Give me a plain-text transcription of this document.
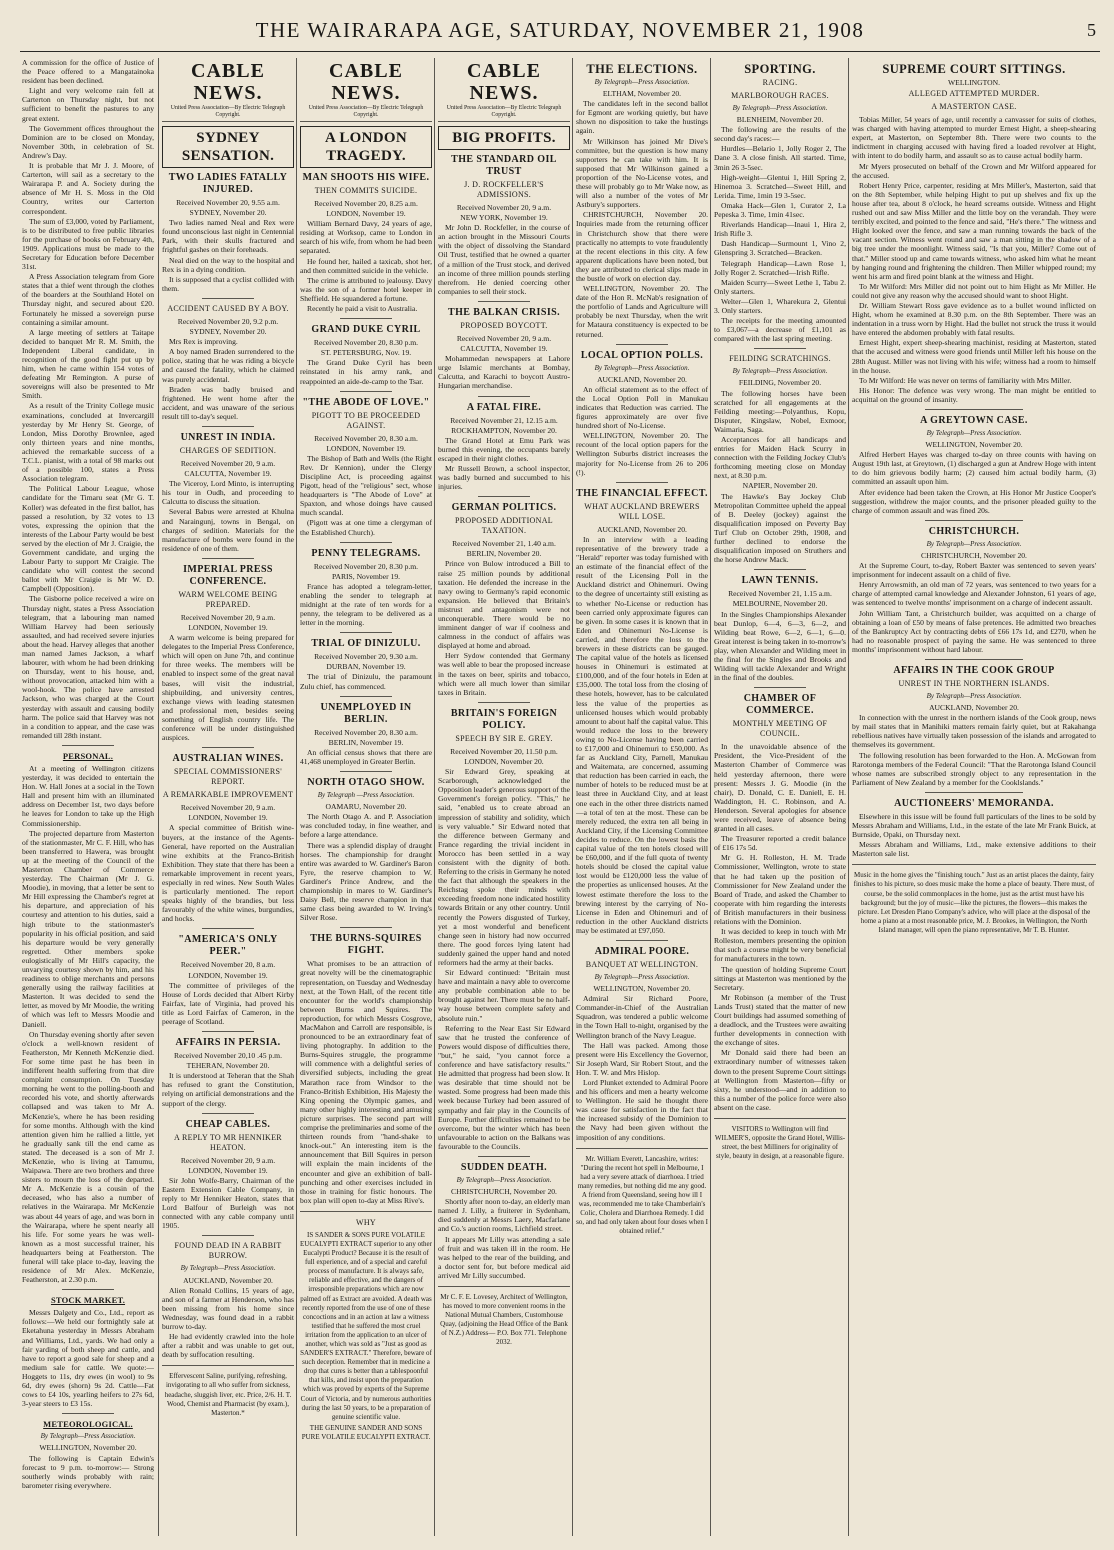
THE WAIRARAPA AGE, SATURDAY, NOVEMBER 21, 1908	5

A commission for the office of Justice of the Peace offered to a Mangatainoka resident has been declined.

Light and very welcome rain fell at Carterton on Thursday night, but not sufficient to benefit the pastures to any great extent.

The Government offices throughout the Dominion are to be closed on Monday, November 30th, in celebration of St. Andrew's Day.

It is probable that Mr J. J. Moore, of Carterton, will sail as a secretary to the Wairarapa P. and A. Society during the absence of Mr H. S. Moss in the Old Country, writes our Carterton correspondent.

The sum of £3,000, voted by Parliament, is to be distributed to free public libraries for the purchase of books on February 4th, 1909. Applications must be made to the Secretary for Education before December 31st.

A Press Association telegram from Gore states that a thief went through the clothes of the boarders at the Southland Hotel on Thursday night, and secured about £20. Fortunately he missed a sovereign purse containing a similar amount.

A large meeting of settlers at Taitape decided to banquet Mr R. M. Smith, the Independent Liberal candidate, in recognition of the good fight put up by him, when he came within 154 votes of defeating Mr Remington. A purse of sovereigns will also be presented to Mr Smith.

As a result of the Trinity College music examinations, concluded at Invercargill yesterday by Mr Henry St. George, of London, Miss Dorothy Brownlee, aged only thirteen years and nine months, achieved the remarkable success of a T.C.L. pianist, with a total of 98 marks out of a possible 100, states a Press Association telegram.

The Political Labour League, whose candidate for the Timaru seat (Mr G. T. Koller) was defeated in the first ballot, has passed a resolution, by 32 votes to 13 votes, expressing the opinion that the interests of the Labour Party would be best served by the election of Mr J. Craigie, the Government candidate, and urging the Labour Party to support Mr Craigie. The candidate who will contest the second ballot with Mr Craigie is Mr W. D. Campbell (Opposition).

The Gisborne police received a wire on Thursday night, states a Press Association telegram, that a labouring man named William Harvey had been seriously assaulted, and had received severe injuries about the head. Harvey alleges that another man named James Jackson, a wharf labourer, with whom he had been drinking on Thursday, went to his house, and, without provocation, attacked him with a wool-hook. The police have arrested Jackson, who was charged at the Court yesterday with assault and causing bodily harm. The police said that Harvey was not in a condition to appear, and the case was remanded till 28th instant.

PERSONAL.

At a meeting of Wellington citizens yesterday, it was decided to entertain the Hon. W. Hall Jones at a social in the Town Hall and present him with an illuminated address on December 1st, two days before he leaves for London to take up the High Commissionership.

The projected departure from Masterton of the stationmaster, Mr C. F. Hill, who has been transferred to Hawera, was brought up at the meeting of the Council of the Masterton Chamber of Commerce yesterday. The Chairman (Mr J. G. Moodie), in moving, that a letter be sent to Mr Hill expressing the Chamber's regret at his departure, and appreciation of his courtesy and attention to his duties, said a high tribute to the stationmaster's popularity in his official position, and said his departure would be very generally regretted. Other members spoke eulogistically of Mr Hill's capacity, the unvarying courtesy shown by him, and his readiness to oblige merchants and persons generally using the railway facilities at Masterton. It was decided to send the letter, as moved by Mr Moodie, the writing of which was left to Messrs Moodie and Daniell.

On Thursday evening shortly after seven o'clock a well-known resident of Featherston, Mr Kenneth McKenzie died. For some time past he has been in indifferent health suffering from that dire complaint consumption. On Tuesday morning he went to the polling-booth and recorded his vote, and shortly afterwards collapsed and was taken to Mr A. McKenzie's, where he has been residing for some months. Although with the kind attention given him he rallied a little, yet he gradually sank till the end came as stated. The deceased is a son of Mr J. McKenzie, who is living at Tamumu, Waipawa. There are two brothers and three sisters to mourn the loss of the departed. Mr A. McKenzie is a cousin of the deceased, who has also a number of relatives in the Wairarapa. Mr McKenzie was about 44 years of age, and was born in the Wairarapa, where he spent nearly all his life. For some years he was well-known as a most successful trainer, his headquarters being at Featherston. The funeral will take place to-day, leaving the residence of Mr Alex. McKenzie, Featherston, at 2.30 p.m.

STOCK MARKET.

Messrs Dalgety and Co., Ltd., report as follows:—We held our fortnightly sale at Eketahuna yesterday in Messrs Abraham and Williams, Ltd., yards. We had only a fair yarding of both sheep and cattle, and have to report a good sale for sheep and a medium sale for cattle. We quote:—Hoggets to 11s, dry ewes (in wool) to 9s 6d, dry ewes (shorn) 9s 2d. Cattle—Fat cows to £4 10s, yearling heifers to 27s 6d, 3-year steers to £3 15s.

METEOROLOGICAL.

By Telegraph—Press Association.

WELLINGTON, November 20.

The following is Captain Edwin's forecast to 9 p.m. to-morrow:— Strong southerly winds probably with rain; barometer rising everywhere.

CABLE NEWS.
United Press Association—By Electric Telegraph Copyright.
SYDNEY SENSATION.
TWO LADIES FATALLY INJURED.

Received November 20, 9.55 a.m.

SYDNEY, November 20.

Two ladies named Neal and Rex were found unconscious last night in Centennial Park, with their skulls fractured and frightful gashes on their foreheads.

Neal died on the way to the hospital and Rex is in a dying condition.

It is supposed that a cyclist collided with them.

ACCIDENT CAUSED BY A BOY.

Received November 20, 9.2 p.m.

SYDNEY, November 20.

Mrs Rex is improving.

A boy named Braden surrendered to the police, stating that he was riding a bicycle and caused the fatality, which he claimed was purely accidental.

Braden was badly bruised and frightened. He went home after the accident, and was unaware of the serious result till to-day's sequel.

UNREST IN INDIA.
CHARGES OF SEDITION.

Received November 20, 9 a.m.

CALCUTTA, November 19.

The Viceroy, Lord Minto, is interrupting his tour in Oudh, and proceeding to Calcutta to discuss the situation.

Several Babus were arrested at Khulna and Naraingunj, towns in Bengal, on charges of sedition. Materials for the manufacture of bombs were found in the residence of one of them.

IMPERIAL PRESS CONFERENCE.
WARM WELCOME BEING PREPARED.

Received November 20, 9 a.m.

LONDON, November 19.

A warm welcome is being prepared for delegates to the Imperial Press Conference, which will open on June 7th, and continue for three weeks. The members will be enabled to inspect some of the great naval bases, will visit the industrial, shipbuilding, and university centres, exchange views with leading statesmen and professional men, besides seeing something of English country life. The conference will be under distinguished auspices.

AUSTRALIAN WINES.
SPECIAL COMMISSIONERS' REPORT.
A REMARKABLE IMPROVEMENT

Received November 20, 9 a.m.

LONDON, November 19.

A special committee of British wine-buyers, at the instance of the Agents-General, have reported on the Australian wine exhibits at the Franco-British Exhibition. They state that there has been a remarkable improvement in recent years, especially in red wines. New South Wales is particularly mentioned. The report speaks highly of the brandies, but less favourably of the white wines, burgundies, and hocks.

"AMERICA'S ONLY PEER."

Received November 20, 8 a.m.

LONDON, November 19.

The committee of privileges of the House of Lords decided that Albert Kirby Fairfax, late of Virginia, had proved his title as Lord Fairfax of Cameron, in the peerage of Scotland.

AFFAIRS IN PERSIA.

Received November 20,10 .45 p.m.

TEHERAN, November 20.

It is understood at Teheran that the Shah has refused to grant the Constitution, relying on artificial demonstrations and the support of the clergy.

CHEAP CABLES.
A REPLY TO MR HENNIKER HEATON.

Received November 20, 9 a.m.

LONDON, November 19.

Sir John Wolfe-Barry, Chairman of the Eastern Extension Cable Company, in reply to Mr Henniker Heaton, states that Lord Balfour of Burleigh was not connected with any cable company until 1905.

FOUND DEAD IN A RABBIT BURROW.

By Telegraph—Press Association.

AUCKLAND, November 20.

Alien Ronald Collins, 15 years of age, and son of a farmer at Henderson, who has been missing from his home since Wednesday, was found dead in a rabbit burrow to-day.

He had evidently crawled into the hole after a rabbit and was unable to get out, death by suffocation resulting.

Effervescent Saline, purifying, refreshing, invigorating to all who suffer from sickness, headache, sluggish liver, etc. Price, 2/6. H. T. Wood, Chemist and Pharmacist (by exam.), Masterton.*

CABLE NEWS.
United Press Association—By Electric Telegraph Copyright.
A LONDON TRAGEDY.
MAN SHOOTS HIS WIFE.
THEN COMMITS SUICIDE.

Received November 20, 8.25 a.m.

LONDON, November 19.

William Bernard Davy, 24 years of age, residing at Worksop, came to London in search of his wife, from whom he had been separated.

He found her, hailed a taxicab, shot her, and then committed suicide in the vehicle.

The crime is attributed to jealousy. Davy was the son of a former hotel keeper in Sheffield. He squandered a fortune.

Recently he paid a visit to Australia.

GRAND DUKE CYRIL

Received November 20, 8.30 p.m.

ST. PETERSBURG, Nov. 19.

The Grand Duke Cyril has been reinstated in his army rank, and reappointed an aide-de-camp to the Tsar.

"THE ABODE OF LOVE."
PIGOTT TO BE PROCEEDED AGAINST.

Received November 20, 8.30 a.m.

LONDON, November 19.

The Bishop of Bath and Wells (the Right Rev. Dr Kennion), under the Clergy Discipline Act, is proceeding against Pigott, head of the "religious" sect, whose headquarters is "The Abode of Love" at Spaxton, and whose doings have caused much scandal.

(Pigott was at one time a clergyman of the Established Church).

PENNY TELEGRAMS.

Received November 20, 8.30 p.m.

PARIS, November 19.

France has adopted a telegram-letter, enabling the sender to telegraph at midnight at the rate of ten words for a penny, the telegram to be delivered as a letter in the morning.

TRIAL OF DINIZULU.

Received November 20, 9.30 a.m.

DURBAN, November 19.

The trial of Dinizulu, the paramount Zulu chief, has commenced.

UNEMPLOYED IN BERLIN.

Received November 20, 8.30 a.m.

BERLIN, November 19.

An official census shows that there are 41,468 unemployed in Greater Berlin.

NORTH OTAGO SHOW.

By Telegraph —Press Association.

OAMARU, November 20.

The North Otago A. and P. Association was concluded today, in fine weather, and before a large attendance.

There was a splendid display of draught horses. The championship for draught entire was awarded to W. Gardiner's Baron Fyre, the reserve champion to W. Gardiner's Prince Andrew, and the championship in mares to W. Gardiner's Daisy Bell, the reserve champion in that same class being awarded to W. Irving's Silver Rose.

THE BURNS-SQUIRES FIGHT.

What promises to be an attraction of great novelty will be the cinematographic representation, on Tuesday and Wednesday next, at the Town Hall, of the recent title encounter for the world's championship between Burns and Squires. The reproduction, for which Messrs Cosgrove, MacMahon and Carroll are responsible, is pronounced to be an extraordinary feat of living photography. In addition to the Burns-Squires struggle, the programme will commence with a delightful series of diversified subjects, including the great Marathon race from Windsor to the Franco-British Exhibition, His Majesty the King opening the Olympic games, and many other highly interesting and amusing picture surprises. The second part will comprise the preliminaries and some of the thirteen rounds from "hand-shake to knock-out." An interesting item is the announcement that Bill Squires in person will explain the main incidents of the encounter and give an exhibition of ball-punching and other exercises included in those in training for fistic honours. The box plan will open to-day at Miss Rive's.

WHY

IS SANDER & SONS PURE VOLATILE EUCALYPTI EXTRACT superior to any other Eucalypti Product? Because it is the result of full experience, and of a special and careful process of manufacture. It is always safe, reliable and effective, and the dangers of irresponsible preparations which are now palmed off as Extract are avoided. A death was recently reported from the use of one of these concoctions and in an action at law a witness testified that he suffered the most cruel irritation from the application to an ulcer of another, which was sold as "Just as good as SANDER'S EXTRACT." Therefore, beware of such deception. Remember that in medicine a drop that cures is better than a tablespoonful that kills, and insist upon the preparation which was proved by experts of the Supreme Court of Victoria, and by numerous authorities during the last 50 years, to be a preparation of genuine scientific value.

THE GENUINE SANDER AND SONS PURE VOLATILE EUCALYPTI EXTRACT.

CABLE NEWS.
United Press Association—By Electric Telegraph Copyright.
BIG PROFITS.
THE STANDARD OIL TRUST
J. D. ROCKFELLER'S ADMISSIONS.

Received November 20, 9 a.m.

NEW YORK, November 19.

Mr John D. Rockfeller, in the course of an action brought in the Missouri Courts with the object of dissolving the Standard Oil Trust, testified that he owned a quarter of a million of the Trust stock, and derived an income of three million pounds sterling therefrom. He denied coercing other companies to sell their stock.

THE BALKAN CRISIS.
PROPOSED BOYCOTT.

Received November 20, 9 a.m.

CALCUTTA, November 19.

Mohammedan newspapers at Lahore urge Islamic merchants at Bombay, Calcutta, and Karachi to boycott Austro-Hungarian merchandise.

A FATAL FIRE.

Received November 21, 12.15 a.m.

ROCKHAMPTON, November 20.

The Grand Hotel at Emu Park was burned this evening, the occupants barely escaped in their night clothes.

Mr Russell Brown, a school inspector, was badly burned and succumbed to his injuries.

GERMAN POLITICS.
PROPOSED ADDITIONAL TAXATION.

Received November 21, 1.40 a.m.

BERLIN, November 20.

Prince von Bulow introduced a Bill to raise 25 million pounds by additional taxation. He defended the increase in the navy owing to Germany's rapid economic expansion. He believed that Britain's mistrust and antagonism were not unconquerable. There would be no imminent danger of war if coolness and calmness in the conduct of affairs was displayed at home and abroad.

Herr Sydow contended that Germany was well able to bear the proposed increase in the taxes on beer, spirits and tobacco, which were all much lower than similar taxes in Britain.

BRITAIN'S FOREIGN POLICY.
SPEECH BY SIR E. GREY.

Received November 20, 11.50 p.m.

LONDON, November 20.

Sir Edward Grey, speaking at Scarborough, acknowledged the Opposition leader's generous support of the Government's foreign policy. "This," he said, "enabled us to create abroad an impression of stability and solidity, which is very valuable." Sir Edward noted that the difference between Germany and France regarding the trivial incident in Morocco has been settled in a way consistent with the dignity of both. Referring to the crisis in Germany he noted the fact that although the speakers in the Reichstag spoke their minds with exceeding freedom none indicated hostility towards Britain or any other country. Until recently the Powers disgusted of Turkey, yet a most wonderful and beneficent change seen in history had now occurred there. The good forces lying latent had suddenly gained the upper hand and noted reformers had the army at their backs.

Sir Edward continued: "Britain must have and maintain a navy able to overcome any probable combination able to be brought against her. There must be no half-way house between complete safety and absolute ruin."

Referring to the Near East Sir Edward saw that he trusted the conference of Powers would dispose of difficulties there, "but," he said, "you cannot force a conference and have satisfactory results." He admitted that progress had been slow. It was desirable that time should not be wasted. Some progress had been made this week because Turkey had been assured of sympathy and fair play in the Councils of Europe. Further difficulties remained to be overcome, but the winter which has been unfavourable to action on the Balkans was favourable to the Councils.

SUDDEN DEATH.

By Telegraph—Press Association.

CHRISTCHURCH, November 20.

Shortly after noon to-day, an elderly man named J. Lilly, a fruiterer in Sydenham, died suddenly at Messrs Laery, Macfarlane and Co.'s auction rooms, Lichfield street.

It appears Mr Lilly was attending a sale of fruit and was taken ill in the room. He was helped to the rear of the building, and a doctor sent for, but before medical aid arrived Mr Lilly succumbed.

Mr C. F. E. Lovesey, Architect of Wellington, has moved to more convenient rooms in the National Mutual Chambers, Customhouse Quay, (adjoining the Head Office of the Bank of N.Z.) Address— P.O. Box 771. Telephone 2032.

THE ELECTIONS.

By Telegraph—Press Association.

ELTHAM, November 20.

The candidates left in the second ballot for Egmont are working quietly, but have shown no disposition to take the hustings again.

Mr Wilkinson has joined Mr Dive's committee, but the question is how many supporters he can take with him. It is supposed that Mr Wilkinson gained a proportion of the No-License votes, and these will probably go to Mr Wake now, as will also a number of the votes of Mr Astbury's supporters.

CHRISTCHURCH, November 20. Inquiries made from the returning officer in Christchurch show that there were practically no attempts to vote fraudulently at the recent elections in this city. A few apparent duplications have been noted, but they are attributed to clerical slips made in the bustle of work on election day.

WELLINGTON, November 20. The date of the Hon R. McNab's resignation of the portfolio of Lands and Agriculture will probably be next Thursday, when the writ for Mataura constituency is expected to be returned.

LOCAL OPTION POLLS.

By Telegraph—Press Association.

AUCKLAND, November 20.

An official statement as to the effect of the Local Option Poll in Manukau indicates that Reduction was carried. The figures approximately are over five hundred short of No-License.

WELLINGTON, November 20. The recount of the local option papers for the Wellington Suburbs district increases the majority for No-License from 26 to 206 (!).

THE FINANCIAL EFFECT.
WHAT AUCKLAND BREWERS WILL LOSE.

AUCKLAND, November 20.

In an interview with a leading representative of the brewery trade a "Herald" reporter was today furnished with an estimate of the financial effect of the result of the Licensing Poll in the Auckland district and Ohinemuri. Owing to the degree of uncertainty still existing as to whether No-License or reduction has been carried only approximate figures can be given. In some cases it is known that in Eden and Ohinemuri No-License is carried, and therefore the loss to the brewers in these districts can be gauged. The capital value of the hotels as licensed houses in Ohinemuri is estimated at £100,000, and of the four hotels in Eden at £35,000. The total loss from the closing of these hotels, however, has to be calculated less the value of the properties as unlicensed houses which would probably amount to about half the capital value. This would reduce the loss to the brewery owing to No-License having been carried to £17,000 and Ohinemuri to £50,000. As far as Auckland City, Parnell, Manukau and Waitemata, are concerned, assuming that reduction has been carried in each, the number of hotels to be reduced must be at least three in Auckland City, and at least one each in the other three districts named—a total of ten at the most. These can be merely reduced, the extra ten all being in Auckland City, if the Licensing Committee decides to reduce. On the lowest basis the capital value of the ten hotels closed will be £60,000, and if the full quota of twenty hotels should be closed the capital value lost would be £120,000 less the value of the properties as unlicensed houses. At the lowest estimate therefore the loss to the brewing interest by the carrying of No-License in Eden and Ohinemuri and of reduction in the other Auckland districts may be estimated at £97,050.

ADMIRAL POORE.
BANQUET AT WELLINGTON.

By Telegraph—Press Association.

WELLINGTON, November 20.

Admiral Sir Richard Poore, Commander-in-Chief of the Australian Squadron, was tendered a public welcome in the Town Hall to-night, organised by the Wellington branch of the Navy League.

The Hall was packed. Among those present were His Excellency the Governor, Sir Joseph Ward, Sir Robert Stout, and the Hon. T. W. and Mrs Hislop.

Lord Plunket extended to Admiral Poore and his officers and men a hearty welcome to Wellington. He said he thought there was cause for satisfaction in the fact that the increased subsidy of the Dominion to the Navy had been given without the imposition of any conditions.

Mr. William Everett, Lancashire, writes: "During the recent hot spell in Melbourne, I had a very severe attack of diarrhoea. I tried many remedies, but nothing did me any good. A friend from Queensland, seeing how ill I was, recommended me to take Chamberlain's Colic, Cholera and Diarrhoea Remedy. I did so, and had only taken about four doses when I obtained relief."

SPORTING.
RACING.
MARLBOROUGH RACES.

By Telegraph—Press Association.

BLENHEIM, November 20.

The following are the results of the second day's races:—

Hurdles—Belario 1, Jolly Roger 2, The Dane 3. A close finish. All started. Time, 3min 26 3-5sec.

High-weight—Glentui 1, Hill Spring 2, Hinemoa 3. Scratched—Sweet Hill, and Lerida. Time, 1min 19 3-5sec.

Omaka Hack—Glen 1, Curator 2, La Pepeska 3. Time, 1min 41sec.

Riverlands Handicap—Inaui 1, Hira 2, Irish Rifle 3.

Dash Handicap—Surmount 1, Vino 2, Glenspring 3. Scratched—Bracken.

Telegraph Handicap—Lawn Rose 1, Jolly Roger 2. Scratched—Irish Rifle.

Maiden Scurry—Sweet Lethe 1, Tabu 2. Only starters.

Welter—Glen 1, Wharekura 2, Glentui 3. Only starters.

The receipts for the meeting amounted to £3,067—a decrease of £1,101 as compared with the last spring meeting.

FEILDING SCRATCHINGS.

By Telegraph—Press Association.

FEILDING, November 20.

The following horses have been scratched for all engagements at the Feilding meeting:—Polyanthus, Kopu, Disputer, Kingslaw, Nobel, Exmoor, Waimaria, Saga.

Acceptances for all handicaps and entries for Maiden Hack Scurry in connection with the Feilding Jockey Club's forthcoming meeting close on Monday next, at 8.30 p.m.

NAPIER, November 20.

The Hawke's Bay Jockey Club Metropolitan Committee upheld the appeal of B. Deeley (jockey) against the disqualification imposed on Peverty Bay Turf Club on October 29th, 1908, and further declined to endorse the disqualification imposed on Struthers and the horse Andrew Mack.

LAWN TENNIS.

Received November 21, 1.15 a.m.

MELBOURNE, November 20.

In the Singles Championships Alexander beat Dunlop, 6—4, 6—3, 6—2, and Wilding beat Rowe, 6—2, 6—1, 6—0. Great interest is being taken in to-morrow's play, when Alexander and Wilding meet in the final for the Singles and Brooks and Wilding will tackle Alexander and Wright in the final of the doubles.

CHAMBER OF COMMERCE.
MONTHLY MEETING OF COUNCIL.

In the unavoidable absence of the President, the Vice-President of the Masterton Chamber of Commerce was held yesterday afternoon, there were present: Messrs J. G. Moodie (in the chair), D. Donald, C. E. Daniell, E. H. Waddington, H. C. Robinson, and A. Henderson. Several apologies for absence were received, leave of absence being granted in all cases.

The Treasurer reported a credit balance of £16 17s 5d.

Mr G. H. Rolleston, H. M. Trade Commissioner, Wellington, wrote to state that he had taken up the position of Commissioner for New Zealand under the Board of Trade, and asked the Chamber to cooperate with him regarding the interests of British manufacturers in their business relations with the Dominion.

It was decided to keep in touch with Mr Rolleston, members presenting the opinion that such a course might be very beneficial for manufacturers in the town.

The question of holding Supreme Court sittings at Masterton was mentioned by the Secretary.

Mr Robinson (a member of the Trust Lands Trust) stated that the matter of new Court buildings had assumed something of a deadlock, and the Trustees were awaiting further developments in connection with the exchange of sites.

Mr Donald said there had been an extraordinary number of witnesses taken down to the present Supreme Court sittings at Wellington from Masterton—fifty or sixty, he understood—and in addition to this a number of the police force were also absent on the case.

VISITORS to Wellington will find WILMER'S, opposite the Grand Hotel, Willis-street, the best Milliners for originality of style, beauty in design, at a reasonable figure.

SUPREME COURT SITTINGS.

WELLINGTON.

ALLEGED ATTEMPTED MURDER.
A MASTERTON CASE.

Tobias Miller, 54 years of age, until recently a canvasser for suits of clothes, was charged with having attempted to murder Ernest Hight, a sheep-shearing expert, at Masterton, on September 8th. There were two counts to the indictment in charging accused with having fired a loaded revolver at Hight, with intent to do bodily harm, and assault so as to cause actual bodily harm.

Mr Myers prosecuted on behalf of the Crown and Mr Wilford appeared for the accused.

Robert Henry Price, carpenter, residing at Mrs Miller's, Masterton, said that on the 8th September, while helping Hight to put up shelves and fix up the house after tea, about 8 o'clock, he heard screams outside. Witness and Hight rushed out and saw Miss Miller and the little boy on the verandah. They were terribly excited, and pointed to the fence and said, "He's there." The witness and Hight looked over the fence, and saw a man running towards the back of the vacant section. Witness went round and saw a man sitting in the shadow of a big tree under the moonlight. Witness said, "Is that you, Miller? Come out of that." Miller stood up and came towards witness, who asked him what he meant by hanging round and frightening the children. Then Miller whipped round; my went his arm and fired point blank at the witness and Hight.

To Mr Wilford: Mrs Miller did not point out to him Hight as Mr Miller. He could not give any reason why the accused should want to shoot Hight.

Dr. William Stewart Ross gave evidence as to a bullet wound inflicted on Hight, whom he examined at 8.30 p.m. on the 8th September. There was an indentation in a truss worn by Hight. Had the bullet not struck the truss it would have entered the abdomen probably with fatal results.

Ernest Hight, expert sheep-shearing machinist, residing at Masterton, stated that the accused and witness were good friends until Miller left his house on the 28th August. Miller was not living with his wife; witness had a room to himself in the house.

To Mr Wilford: He was never on terms of familiarity with Mrs Miller.

His Honor: The defence was very wrong. The man might be entitled to acquittal on the ground of insanity.

A GREYTOWN CASE.

By Telegraph—Press Association.

WELLINGTON, November 20.

Alfred Herbert Hayes was charged to-day on three counts with having on August 19th last, at Greytown, (1) discharged a gun at Andrew Hoge with intent to do him grievous bodily harm; (2) caused him actual bodily harm, (3) committed an assault upon him.

After evidence had been taken the Crown, at His Honor Mr Justice Cooper's suggestion, withdrew the major counts, and the prisoner pleaded guilty to the charge of common assault and was fined 20s.

CHRISTCHURCH.

By Telegraph—Press Association.

CHRISTCHURCH, November 20.

At the Supreme Court, to-day, Robert Baxter was sentenced to seven years' imprisonment for indecent assault on a child of five.

Henry Arrowsmith, an old man of 72 years, was sentenced to two years for a charge of attempted carnal knowledge and Alexander Johnston, 61 years of age, was sentenced to twelve months' imprisonment on a charge of indecent assault.

John William Tant, a Christchurch builder, was acquitted on a charge of obtaining a loan of £50 by means of false pretences. He admitted two breaches of the Bankruptcy Act by contracting debts of £66 17s 1d, and £270, when he had no reasonable prospect of paying the same. He was sentenced to three months' imprisonment without hard labour.

AFFAIRS IN THE COOK GROUP
UNREST IN THE NORTHERN ISLANDS.

By Telegraph—Press Association.

AUCKLAND, November 20.

In connection with the unrest in the northern islands of the Cook group, news by mail states that in Manihiki matters remain fairly quiet, but at Rakahanga rebellious natives have virtually taken possession of the islands and arrogated to themselves its government.

The following resolution has been forwarded to the Hon. A. McGowan from Rarotonga members of the Federal Council: "That the Rarotonga Island Council whose names are subscribed strongly object to any representation in the Parliament of New Zealand by a member for the Cooklslands."

AUCTIONEERS' MEMORANDA.

Elsewhere in this issue will be found full particulars of the lines to be sold by Messrs Abraham and Williams, Ltd., in the estate of the late Mr Frank Buick, at Burnside, Opaki, on Thursday next.

Messrs Abraham and Williams, Ltd., make extensive additions to their Masterton sale list.

Music in the home gives the "finishing touch." Just as an artist places the dainty, fairy finishes to his picture, so does music make the home a place of beauty. There must, of course, be the solid commonplaces in the home, just as the artist must have his background; but the joy of music—like the pictures, the flowers—this makes the picture. Let Dresden Piano Company's advice, who will place at the disposal of the home a piano at a most reasonable price, M. J. Brookes, in Wellington, the North Island manager, will open the piano representative, Mr T. B. Hunter.
